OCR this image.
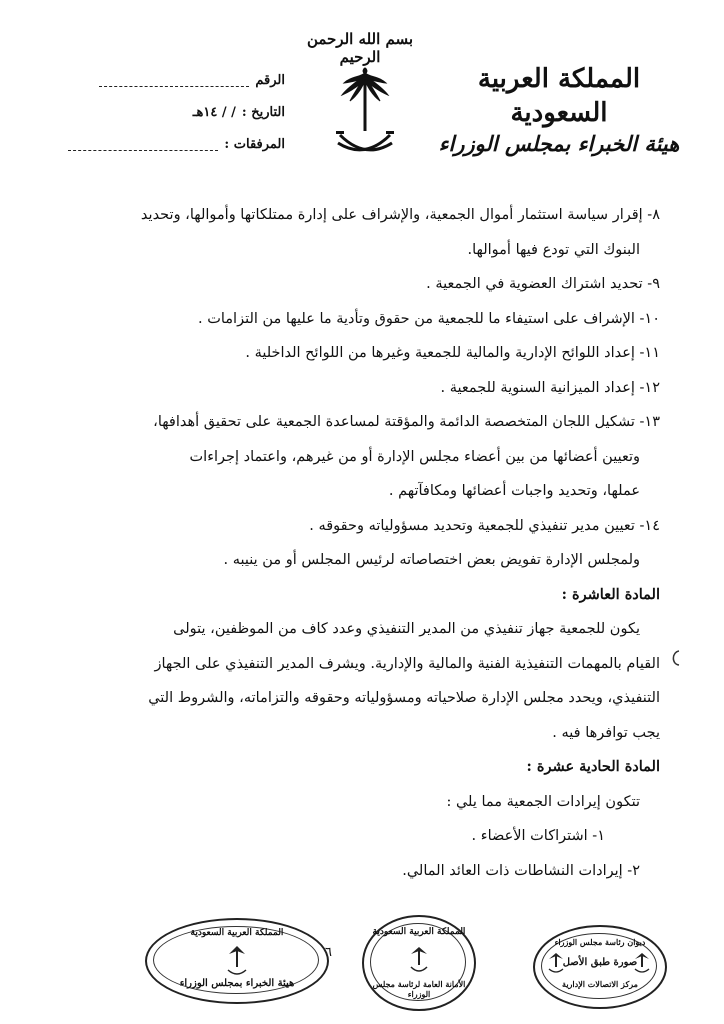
بسم الله الرحمن الرحيم
المملكة العربية السعودية
هيئة الخبراء بمجلس الوزراء
الرقم
التاريخ :
/ / ١٤هـ
المرفقات :

٨- إقرار سياسة استثمار أموال الجمعية، والإشراف على إدارة ممتلكاتها وأموالها، وتحديد

البنوك التي تودع فيها أموالها.

٩- تحديد اشتراك العضوية في الجمعية .

١٠- الإشراف على استيفاء ما للجمعية من حقوق وتأدية ما عليها من التزامات .

١١- إعداد اللوائح الإدارية والمالية للجمعية وغيرها من اللوائح الداخلية .

١٢- إعداد الميزانية السنوية للجمعية .

١٣- تشكيل اللجان المتخصصة الدائمة والمؤقتة لمساعدة الجمعية على تحقيق أهدافها،

وتعيين أعضائها من بين أعضاء مجلس الإدارة أو من غيرهم، واعتماد إجراءات

عملها، وتحديد واجبات أعضائها ومكافآتهم .

١٤- تعيين مدير تنفيذي للجمعية وتحديد مسؤولياته وحقوقه .

ولمجلس الإدارة تفويض بعض اختصاصاته لرئيس المجلس أو من ينيبه .

المادة العاشرة :

يكون للجمعية جهاز تنفيذي من المدير التنفيذي وعدد كاف من الموظفين، يتولى

القيام بالمهمات التنفيذية الفنية والمالية والإدارية. ويشرف المدير التنفيذي على الجهاز

التنفيذي، ويحدد مجلس الإدارة صلاحياته ومسؤولياته وحقوقه والتزاماته، والشروط التي

يجب توافرها فيه .

المادة الحادية عشرة :

تتكون إيرادات الجمعية مما يلي :

١- اشتراكات الأعضاء .

٢- إيرادات النشاطات ذات العائد المالي.

٦
المملكة العربية السعودية
هيئة الخبراء بمجلس الوزراء
المملكة العربية السعودية
الأمانة العامة لرئاسة مجلس الوزراء
ديوان رئاسة مجلس الوزراء
صورة طبق الأصل
مركز الاتصالات الإدارية
